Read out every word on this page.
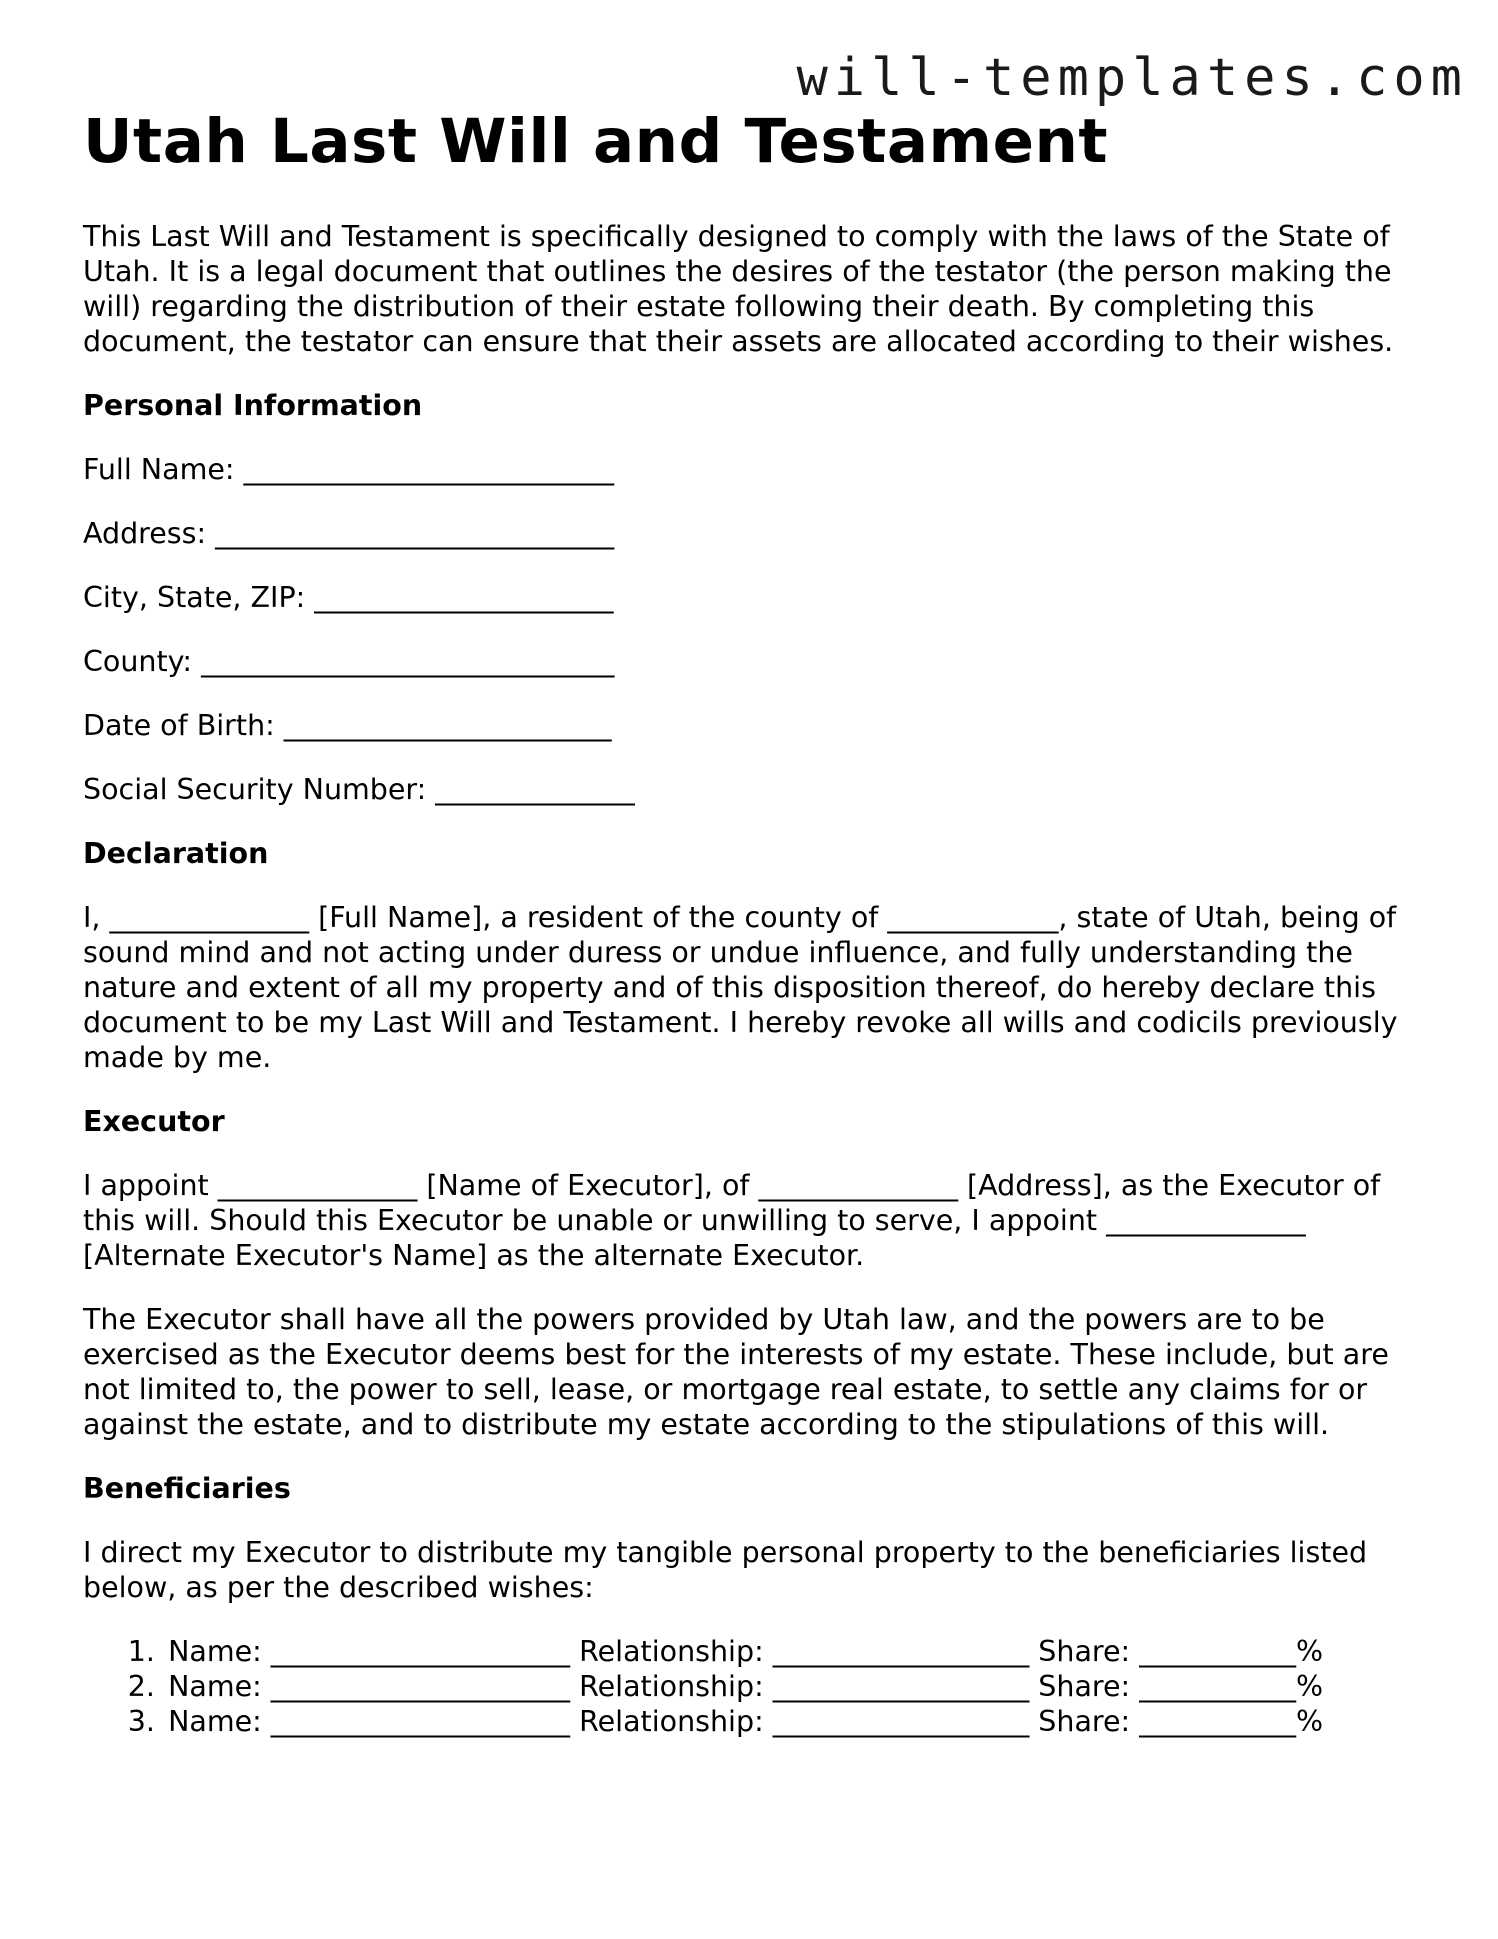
will-templates.com
Utah Last Will and Testament

This Last Will and Testament is specifically designed to comply with the laws of the State of Utah. It is a legal document that outlines the desires of the testator (the person making the will) regarding the distribution of their estate following their death. By completing this document, the testator can ensure that their assets are allocated according to their wishes.

Personal Information

Full Name: __________________________

Address: ____________________________

City, State, ZIP: _____________________

County: _____________________________

Date of Birth: _______________________

Social Security Number: ______________

Declaration

I, ______________ [Full Name], a resident of the county of ____________, state of Utah, being of sound mind and not acting under duress or undue influence, and fully understanding the nature and extent of all my property and of this disposition thereof, do hereby declare this document to be my Last Will and Testament. I hereby revoke all wills and codicils previously made by me.

Executor

I appoint ______________ [Name of Executor], of ______________ [Address], as the Executor of this will. Should this Executor be unable or unwilling to serve, I appoint ______________ [Alternate Executor's Name] as the alternate Executor.

The Executor shall have all the powers provided by Utah law, and the powers are to be exercised as the Executor deems best for the interests of my estate. These include, but are not limited to, the power to sell, lease, or mortgage real estate, to settle any claims for or against the estate, and to distribute my estate according to the stipulations of this will.

Beneficiaries

I direct my Executor to distribute my tangible personal property to the beneficiaries listed below, as per the described wishes:

1. Name: _____________________ Relationship: __________________ Share: ___________%
2. Name: _____________________ Relationship: __________________ Share: ___________%
3. Name: _____________________ Relationship: __________________ Share: ___________%
